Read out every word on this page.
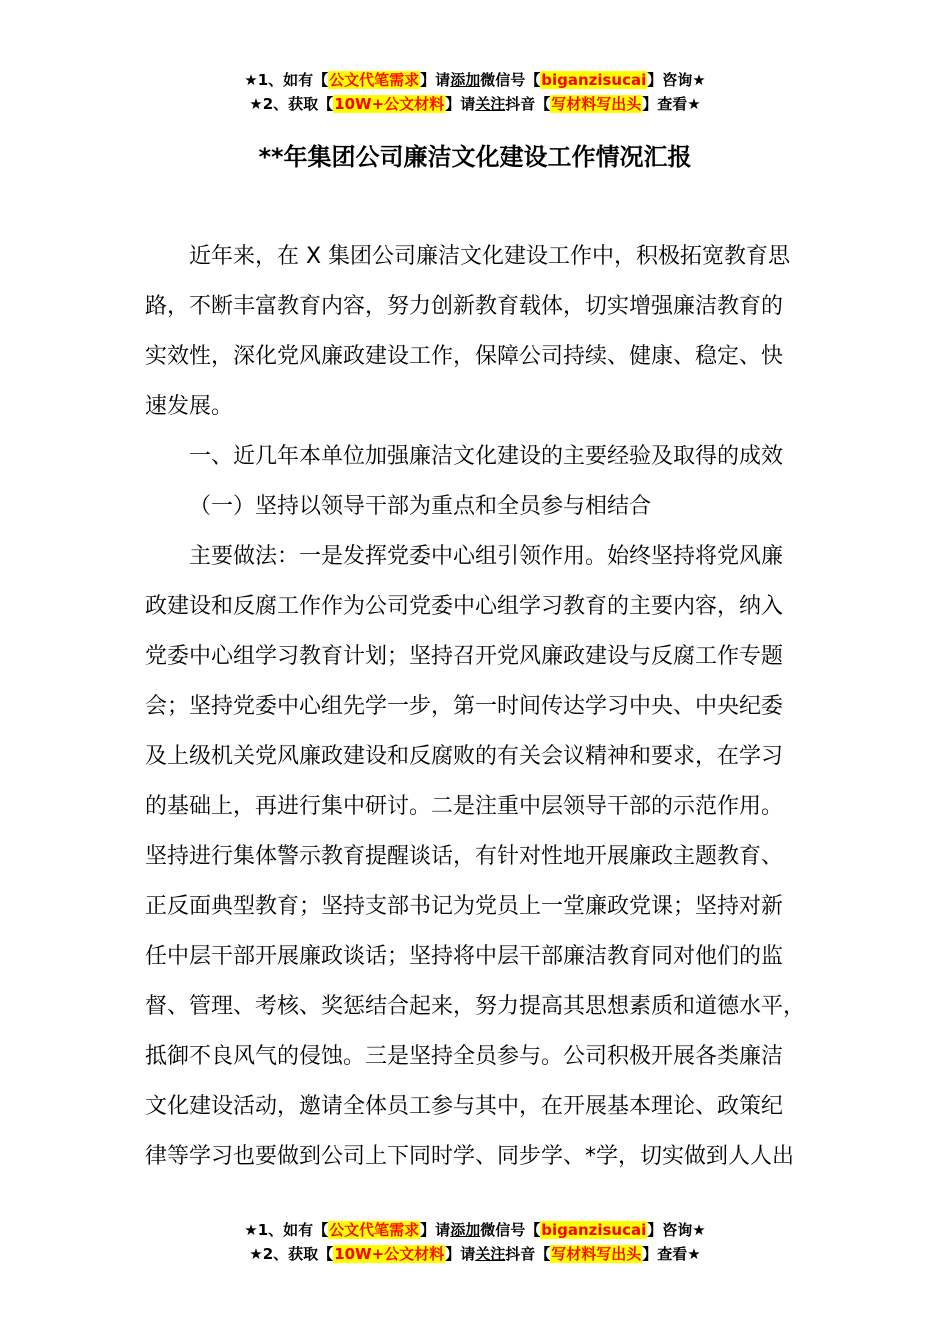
★1、如有【公文代笔需求】请添加微信号【biganzisucai】咨询★
★2、获取【10W+公文材料】请关注抖音【写材料写出头】查看★
**年集团公司廉洁文化建设工作情况汇报

近年来，在 X 集团公司廉洁文化建设工作中，积极拓宽教育思
路，不断丰富教育内容，努力创新教育载体，切实增强廉洁教育的
实效性，深化党风廉政建设工作，保障公司持续、健康、稳定、快
速发展。

一、近几年本单位加强廉洁文化建设的主要经验及取得的成效

（一）坚持以领导干部为重点和全员参与相结合

主要做法：一是发挥党委中心组引领作用。始终坚持将党风廉
政建设和反腐工作作为公司党委中心组学习教育的主要内容，纳入
党委中心组学习教育计划；坚持召开党风廉政建设与反腐工作专题
会；坚持党委中心组先学一步，第一时间传达学习中央、中央纪委
及上级机关党风廉政建设和反腐败的有关会议精神和要求，在学习
的基础上，再进行集中研讨。二是注重中层领导干部的示范作用。
坚持进行集体警示教育提醒谈话，有针对性地开展廉政主题教育、
正反面典型教育；坚持支部书记为党员上一堂廉政党课；坚持对新
任中层干部开展廉政谈话；坚持将中层干部廉洁教育同对他们的监
督、管理、考核、奖惩结合起来，努力提高其思想素质和道德水平，
抵御不良风气的侵蚀。三是坚持全员参与。公司积极开展各类廉洁
文化建设活动，邀请全体员工参与其中，在开展基本理论、政策纪
律等学习也要做到公司上下同时学、同步学、*学，切实做到人人出

★1、如有【公文代笔需求】请添加微信号【biganzisucai】咨询★
★2、获取【10W+公文材料】请关注抖音【写材料写出头】查看★
